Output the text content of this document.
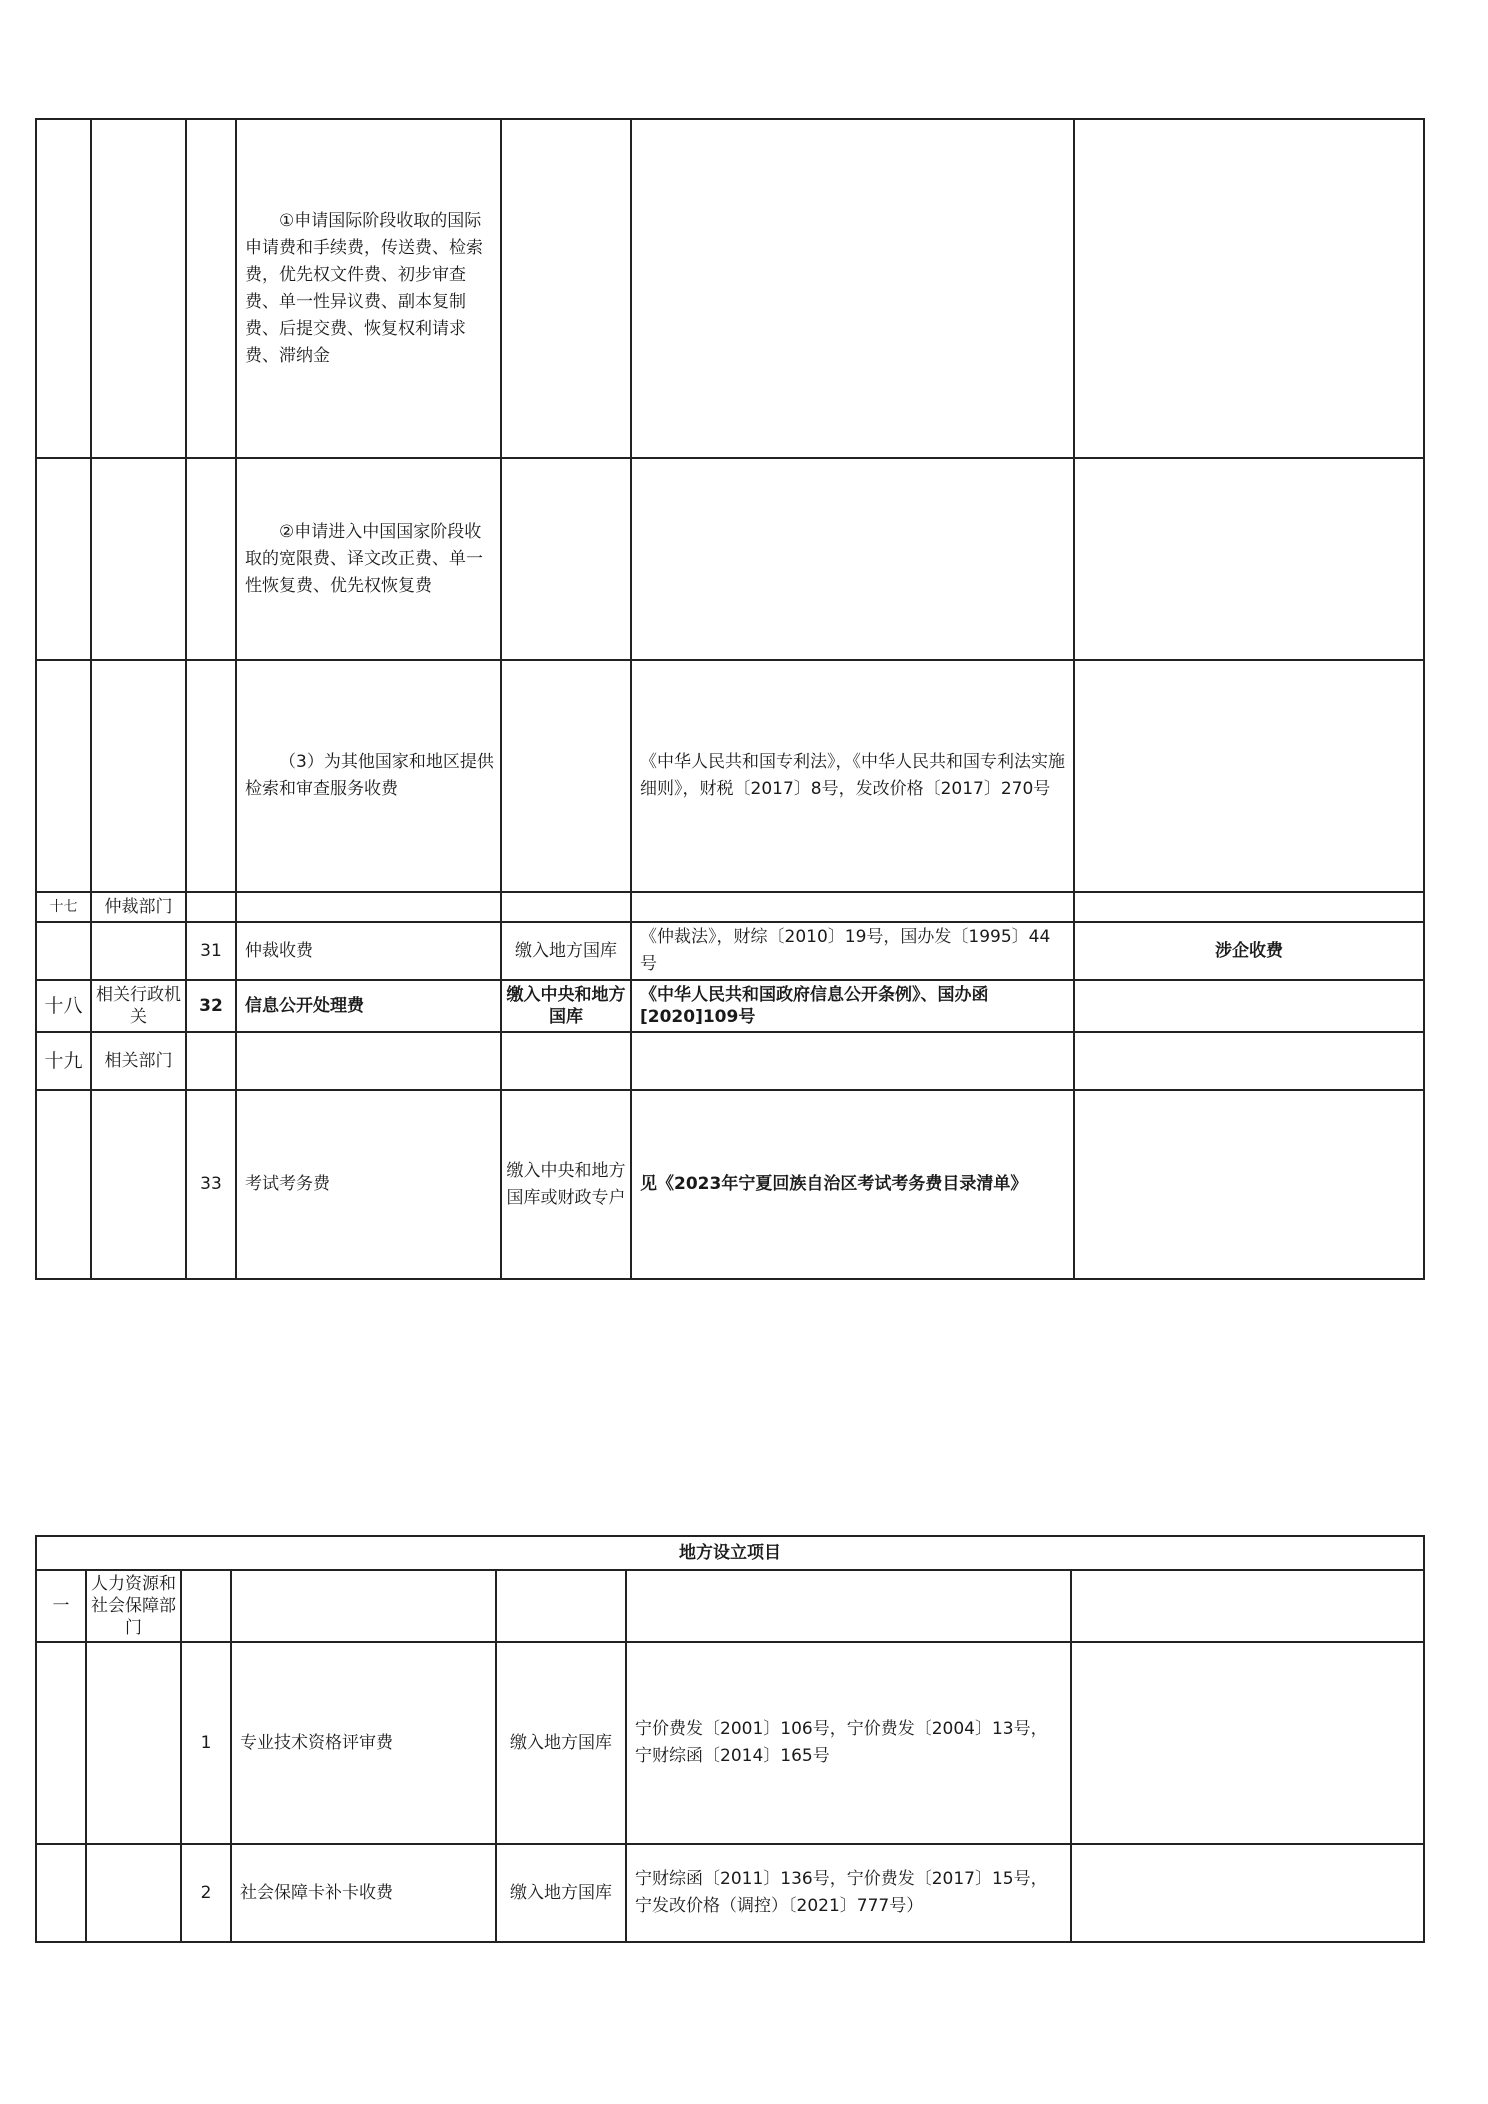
			①申请国际阶段收取的国际申请费和手续费，传送费、检索费，优先权文件费、初步审查费、单一性异议费、副本复制费、后提交费、恢复权利请求费、滞纳金			
			②申请进入中国国家阶段收取的宽限费、译文改正费、单一性恢复费、优先权恢复费			
			（3）为其他国家和地区提供检索和审查服务收费		《中华人民共和国专利法》，《中华人民共和国专利法实施细则》，财税〔2017〕8号，发改价格〔2017〕270号	
十七	仲裁部门					
		31	仲裁收费	缴入地方国库	《仲裁法》，财综〔2010〕19号，国办发〔1995〕44号	涉企收费
十八	相关行政机关	32	信息公开处理费	缴入中央和地方国库	《中华人民共和国政府信息公开条例》、国办函[2020]109号	
十九	相关部门					
		33	考试考务费	缴入中央和地方国库或财政专户	见《2023年宁夏回族自治区考试考务费目录清单》	
地方设立项目						
一	人力资源和社会保障部门					
		1	专业技术资格评审费	缴入地方国库	宁价费发〔2001〕106号，宁价费发〔2004〕13号，宁财综函〔2014〕165号	
		2	社会保障卡补卡收费	缴入地方国库	宁财综函〔2011〕136号，宁价费发〔2017〕15号，宁发改价格（调控）〔2021〕777号）	
